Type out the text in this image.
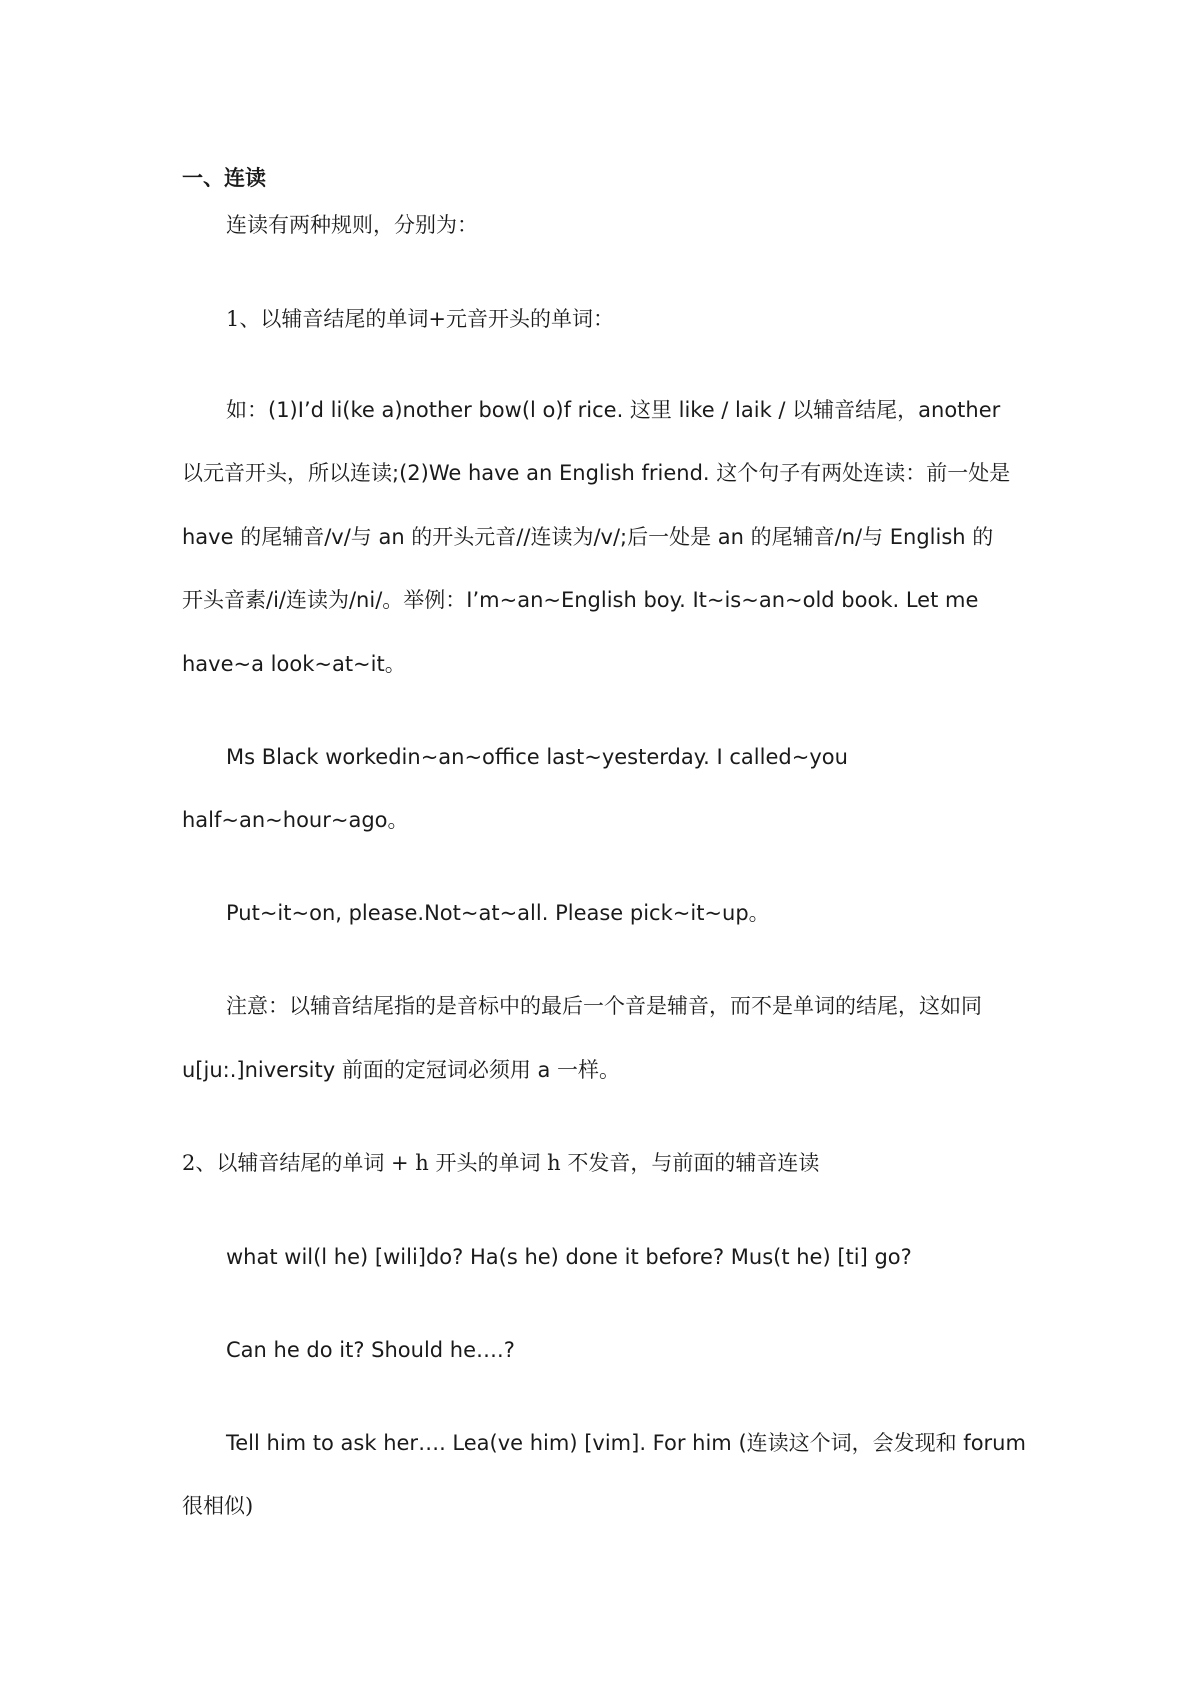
一、连读
连读有两种规则，分别为：
1、以辅音结尾的单词+元音开头的单词：
如：(1)I’d li(ke a)nother bow(l o)f rice. 这里 like / laik / 以辅音结尾，another
以元音开头，所以连读;(2)We have an English friend. 这个句子有两处连读：前一处是
have 的尾辅音/v/与 an 的开头元音//连读为/v/;后一处是 an 的尾辅音/n/与 English 的
开头音素/i/连读为/ni/。举例：I’m~an~English boy. It~is~an~old book. Let me
have~a look~at~it。
Ms Black workedin~an~office last~yesterday. I called~you
half~an~hour~ago。
Put~it~on, please.Not~at~all. Please pick~it~up。
注意：以辅音结尾指的是音标中的最后一个音是辅音，而不是单词的结尾，这如同
u[ju:.]niversity 前面的定冠词必须用 a 一样。
2、以辅音结尾的单词 + h 开头的单词 h 不发音，与前面的辅音连读
what wil(l he) [wili]do? Ha(s he) done it before? Mus(t he) [ti] go?
Can he do it? Should he….?
Tell him to ask her…. Lea(ve him) [vim]. For him (连读这个词，会发现和 forum
很相似)
